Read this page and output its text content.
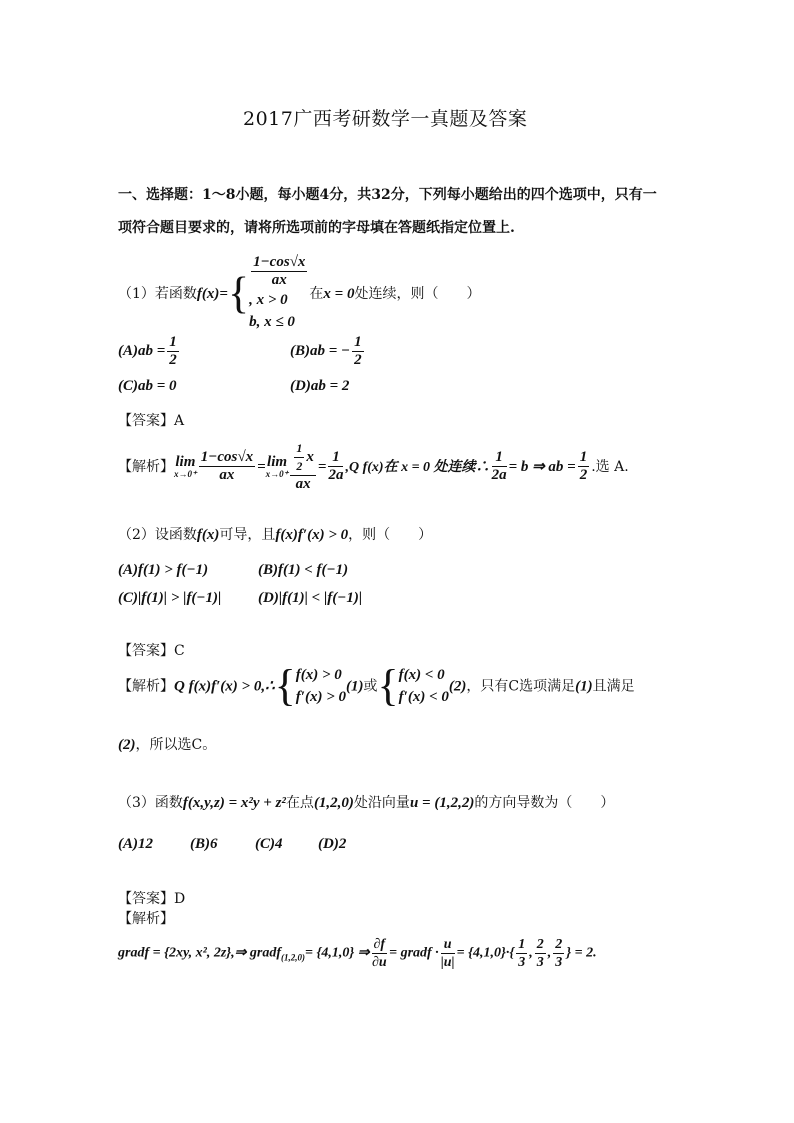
2017广西考研数学一真题及答案
一、选择题：1～8小题，每小题4分，共32分，下列每小题给出的四个选项中，只有一
项符合题目要求的，请将所选项前的字母填在答题纸指定位置上.
（1）若函数f(x)={
1−cos√x
ax
, x > 0
b, x ≤ 0
在x = 0处连续，则（　　）
$(A)ab = \frac{1}{2}$	(B)ab = − $\frac{1}{2}$
(C)ab = 0	(D)ab = 2
【答案】A
【解析】 lim
$x\to 0^+ \frac{1-\cos√x}{ax} = \lim$
$x\to 0^+ \frac{\frac{1}{2} x}{ax} = \frac{1}{2a} ,Q$ f(x)在 x = 0 处连续∴ $\frac{1}{2a} = b$ ⇒ ab = $\frac{1}{2}$ .选 A.
（2）设函数f(x)可导，且f(x)f′(x) > 0，则（　　）
(A)f(1) > f(−1)	(B)f(1) < f(−1)
(C)|f(1)| > |f(−1)| (D)|f(1)| < |f(−1)|
【答案】C
【解析】Q f(x)f′(x) > 0,∴{ f(x) > 0
f′(x) > 0
(1)或{ f(x) < 0
f′(x) < 0
(2)，只有C选项满足(1)且满足
(2)，所以选C。
（3）函数f(x,y,z) = x²y + z²在点(1,2,0)处沿向量u = (1,2,2)的方向导数为（　　）
(A)12 (B)6	(C)4 (D)2
【答案】D
【解析】
gradf = {2xy, x², 2z},⇒ gradf$_{(1,2,0)}$= {4,1,0} ⇒ $\frac{\partial f}{\partial u}$ = gradf · $\frac{u}{|u|} = \{4,1,0\}\cdot\{ \frac{1}{3}$ , $\frac{2}{3}$ , $\frac{2}{3}$ } = 2.
